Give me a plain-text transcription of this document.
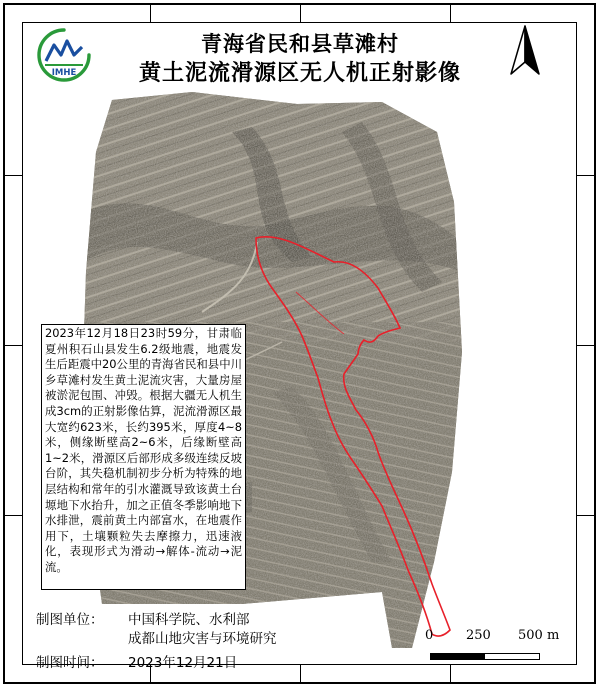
青海省民和县草滩村
黄土泥流滑源区无人机正射影像
IMHE
2023年12月18日23时59分，甘肃临夏州积石山县发生6.2级地震，地震发生后距震中20公里的青海省民和县中川乡草滩村发生黄土泥流灾害，大量房屋被淤泥包围、冲毁。根据大疆无人机生成3cm的正射影像估算，泥流滑源区最大宽约623米，长约395米，厚度4~8米，侧缘断壁高2~6米，后缘断壁高1~2米，滑源区后部形成多级连续反坡台阶，其失稳机制初步分析为特殊的地层结构和常年的引水灌溉导致该黄土台塬地下水抬升，加之正值冬季影响地下水排泄，震前黄土内部富水，在地震作用下，土壤颗粒失去摩擦力，迅速液化，表现形式为滑动→解体-流动→泥流。
制图单位： 中国科学院、水利部
成都山地灾害与环境研究
制图时间： 2023年12月21日
0	250 500 m
